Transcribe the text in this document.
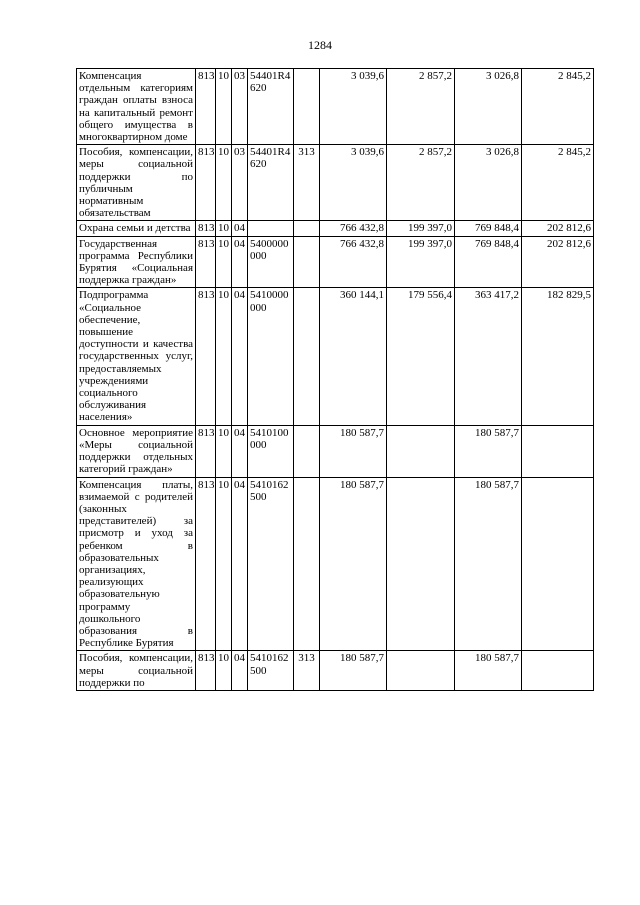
1284
Компенсация отдельным категориям граждан оплаты взноса на капитальный ремонт общего имущества в многоквартирном доме	813	10	03	54401R4620		3 039,6	2 857,2	3 026,8	2 845,2
Пособия, компенсации, меры социальной поддержки по публичным нормативным обязательствам	813	10	03	54401R4620	313	3 039,6	2 857,2	3 026,8	2 845,2
Охрана семьи и детства	813	10	04			766 432,8	199 397,0	769 848,4	202 812,6
Государственная программа Республики Бурятия «Социальная поддержка граждан»	813	10	04	5400000000		766 432,8	199 397,0	769 848,4	202 812,6
Подпрограмма «Социальное обеспечение, повышение доступности и качества государственных услуг, предоставляемых учреждениями социального обслуживания населения»	813	10	04	5410000000		360 144,1	179 556,4	363 417,2	182 829,5
Основное мероприятие «Меры социальной поддержки отдельных категорий граждан»	813	10	04	5410100000		180 587,7		180 587,7	
Компенсация платы, взимаемой с родителей (законных представителей) за присмотр и уход за ребенком в образовательных организациях, реализующих образовательную программу дошкольного образования в Республике Бурятия	813	10	04	5410162500		180 587,7		180 587,7	
Пособия, компенсации, меры социальной поддержки по	813	10	04	5410162500	313	180 587,7		180 587,7	
